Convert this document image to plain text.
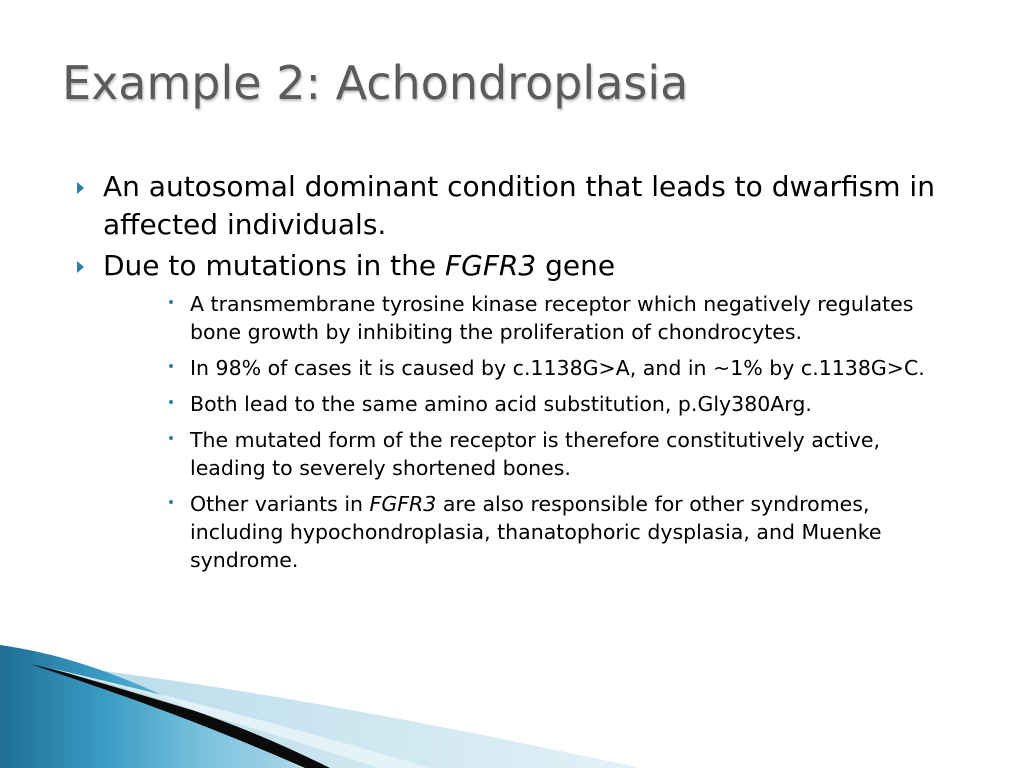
Example 2: Achondroplasia
An autosomal dominant condition that leads to dwarfism in affected individuals.
Due to mutations in the FGFR3 gene
A transmembrane tyrosine kinase receptor which negatively regulates bone growth by inhibiting the proliferation of chondrocytes.
In 98% of cases it is caused by c.1138G>A, and in ~1% by c.1138G>C.
Both lead to the same amino acid substitution, p.Gly380Arg.
The mutated form of the receptor is therefore constitutively active, leading to severely shortened bones.
Other variants in FGFR3 are also responsible for other syndromes, including hypochondroplasia, thanatophoric dysplasia, and Muenke syndrome.
